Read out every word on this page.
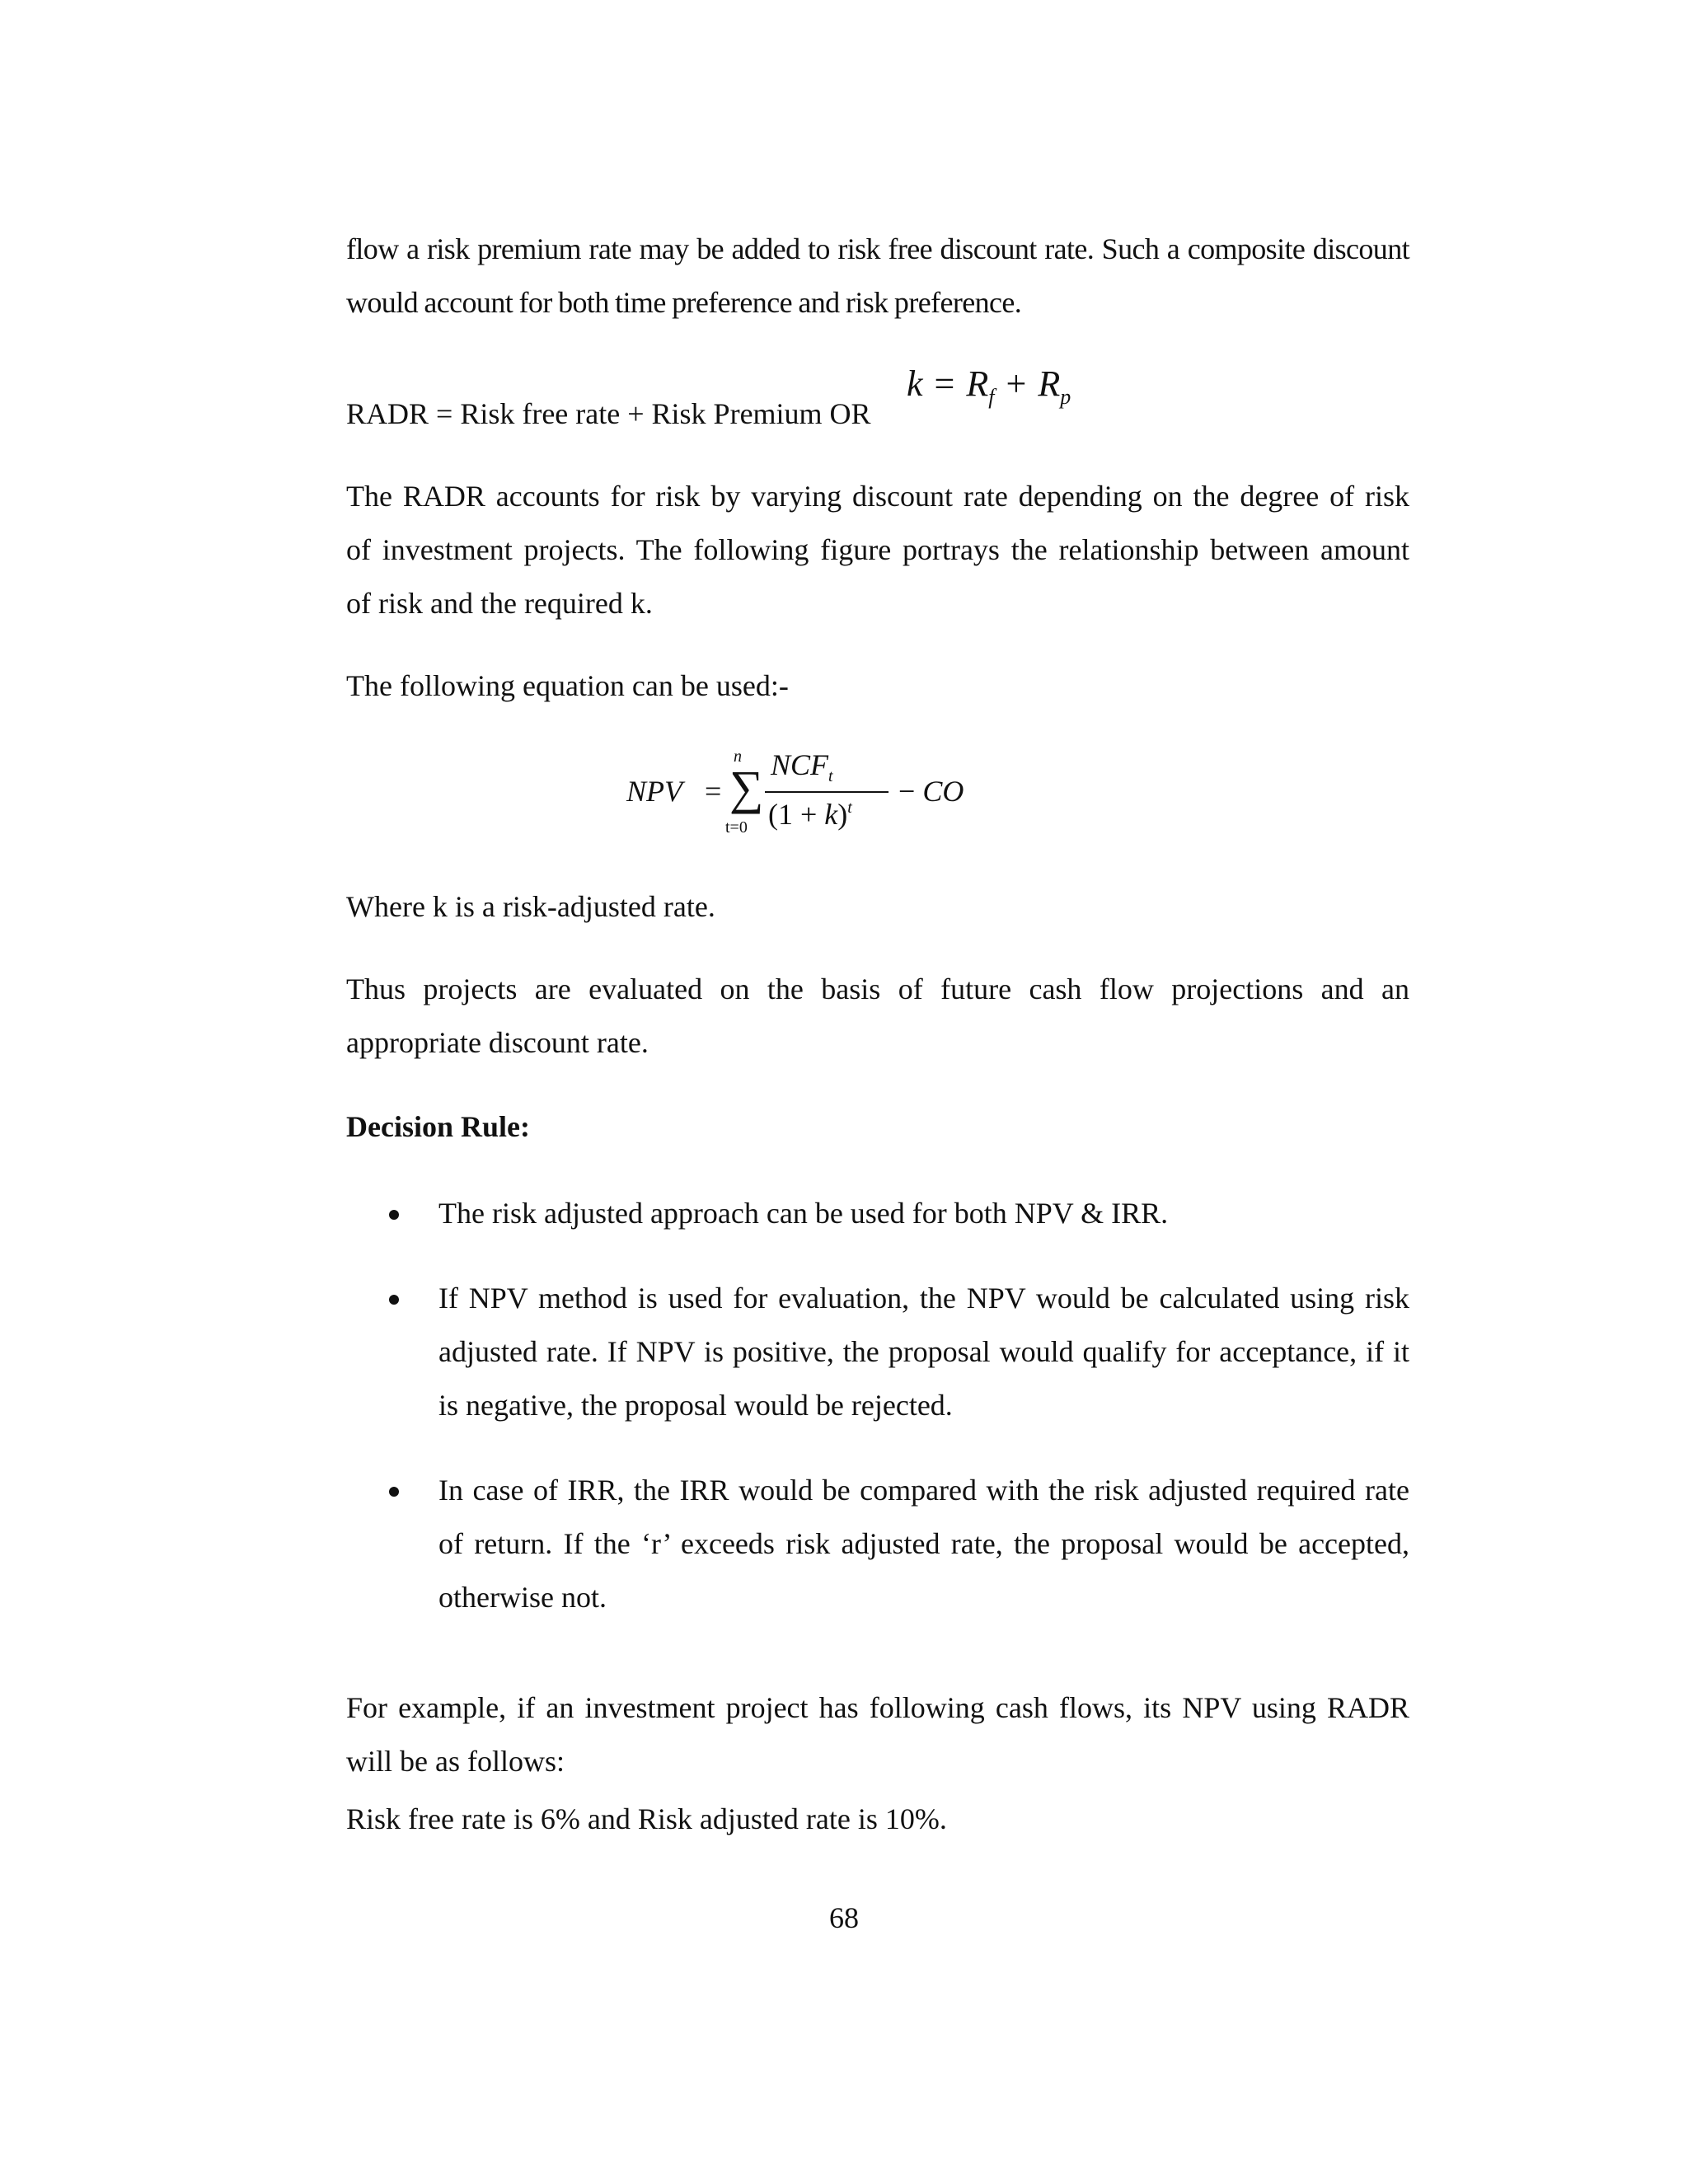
flow a risk premium rate may be added to risk free discount rate. Such a composite discount
would account for both time preference and risk preference.
RADR = Risk free rate + Risk Premium OR
$k = R_f + R_p$
The RADR accounts for risk by varying discount rate depending on the degree of risk
of investment projects. The following figure portrays the relationship between amount
of risk and the required k.
The following equation can be used:-
NPV =
n
∑
t=0
$NCF_t$
$(1 + k)^t$ − CO
Where k is a risk-adjusted rate.
Thus projects are evaluated on the basis of future cash flow projections and an
appropriate discount rate.
Decision Rule:
The risk adjusted approach can be used for both NPV & IRR.
If NPV method is used for evaluation, the NPV would be calculated using risk adjusted rate. If NPV is positive, the proposal would qualify for acceptance, if it is negative, the proposal would be rejected.
In case of IRR, the IRR would be compared with the risk adjusted required rate of return. If the ‘r’ exceeds risk adjusted rate, the proposal would be accepted, otherwise not.
For example, if an investment project has following cash flows, its NPV using RADR
will be as follows:
Risk free rate is 6% and Risk adjusted rate is 10%.
68
